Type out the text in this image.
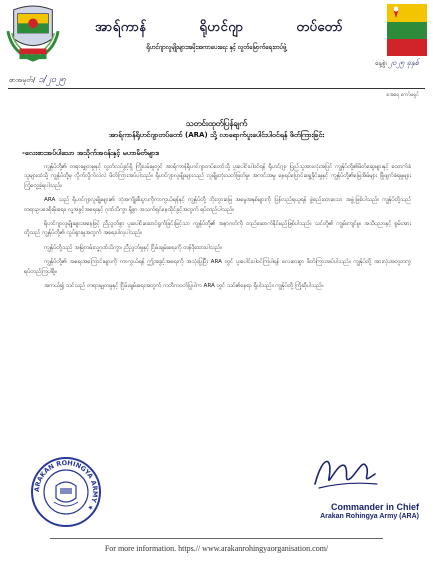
အာရ်ကာန်	ရိုဟင်ဂျာ	တပ်တော်
ရိုဟင်ဂျာလူမျိုးများအမိုးအကာပေးရေး နှင့် လွတ်မြောက်ရေးတပ်ဖွဲ့
စာအမှတ်/ ၁/၂၀၂၅
နေ့စွဲ၊ ၂၀၂၅ ခုနှစ်
အေရေ ကော်မရှင်
သတင်းထုတ်ပြန်ချက်
အာရ်ကာန်ရိုဟင်ဂျာတပ်တော် (ARA) သို့ လာရောက်ပူးပေါင်းပါဝင်ရန် ဖိတ်ကြားခြင်း
-လေးစားအပ်ပါသော အသိုက်အဝန်းနှင့် မဟာမိတ်များ။

ကျွန်ုပ်တို့၏ တရားမျှတမှုနှင့် လွတ်လပ်ခွင့်ရှိ ကြိုးပမ်းမှုတွင် အာရ်ကာန်ရိုဟင်ဂျာတပ်တော်သို့ ပူးပေါင်းပါဝင်ရန် ရိုဟင်ဂျာ ပြည်သူအားလုံးအပြင် ကျွန်ုပ်တို့၏မိတ်ဆွေများနှင့် ထောက်ခံသူများထံသို့ ကျွန်ုပ်တို့မှ လှိုက်လှိုက်လဲလဲ ဖိတ်ကြားအပ်ပါသည်။ ရိုဟင်ဂျာလူမျိုးများသည် လူမျိုးတုံးသတ်ဖြတ်မှု၊ အကင်းအမှု နေရပ်ပြောင်းရွှေ့ခိုင်းမှုနှင့် ကျွန်ုပ်တို့၏မြေအိမ်များ ဖြိုဖျက်ခံရမှုများကြုံတွေ့ခဲ့ရပါသည်။

ARA သည် ရိုဟင်ဂျာလူမျိုးများ၏ ဘုံအကျိုးစီးပွားကိုကာကွယ်ရန်နှင့် ကျွန်ုပ်တို့ ဘိုးဘွားမြေ အမွေအနှစ်များကို ပြန်လည်ရယူရန် ဖွဲ့စည်းထားသော အဖွဲ့ဖြစ်ပါသည်။ ကျွန်ုပ်တို့သည် တရားဥပဒေစိုးမိုးရေး၊ လူ့အခွင့်အရေးနှင့် ဂုဏ်သိက္ခာ ရှိစွာ အသက်ရှင်နေထိုင်ခွင့်အတွက် ရပ်တည်ပါသည်။

ရိုဟင်ဂျာလူမျိုးများအနေဖြင့် ညီညွတ်စွာ ပူးပေါင်းဆောင်ရွက်ခြင်းဖြင့်သာ ကျွန်ုပ်တို့၏ အနာဂတ်ကို တည်ဆောက်နိုင်မည်ဖြစ်ပါသည်။ သင်တို့၏ ကျွမ်းကျင်မှု၊ အသိပညာနှင့် စွမ်းအားတို့သည် ကျွန်ုပ်တို့၏ လှုပ်ရှားမှုအတွက် အရေးပါလှပါသည်။

ကျွန်ုပ်တို့သည် အမြဲတမ်းလူ့ဂုဏ်သိက္ခာ၊ ညီညွတ်မှုနှင့် ငြိမ်းချမ်းရေးကို တန်ဖိုးထားပါသည်။

ကျွန်ုပ်တို့၏ အရေးအကြောင်းများကို ကာကွယ်ရန် ဤအခွင့်အရေးကို အသုံးပြုပြီး ARA တွင် ပူးပေါင်းပါဝင်ကြပါရန် လေးစားစွာ ဖိတ်ကြားအပ်ပါသည်။ ကျွန်ုပ်တို့ အားလုံးအတူတကွ ရပ်တည်ကြပါစို့။

အကယ်၍ သင်သည် တရားမျှတမှုနှင့် ငြိမ်းချမ်းရေးအတွက် ကတိကဝတ်ပြုပါက ARA တွင် သင်၏နေရာ ရှိပါသည်။ ကျွန်ုပ်တို့ ကြိုဆိုပါသည်။

ARAKAN ROHINGYA ARMY ★	Commander in Chief
Arakan Rohingya Army (ARA)
For more information. https.// www.arakanrohingyaorganisation.com/
